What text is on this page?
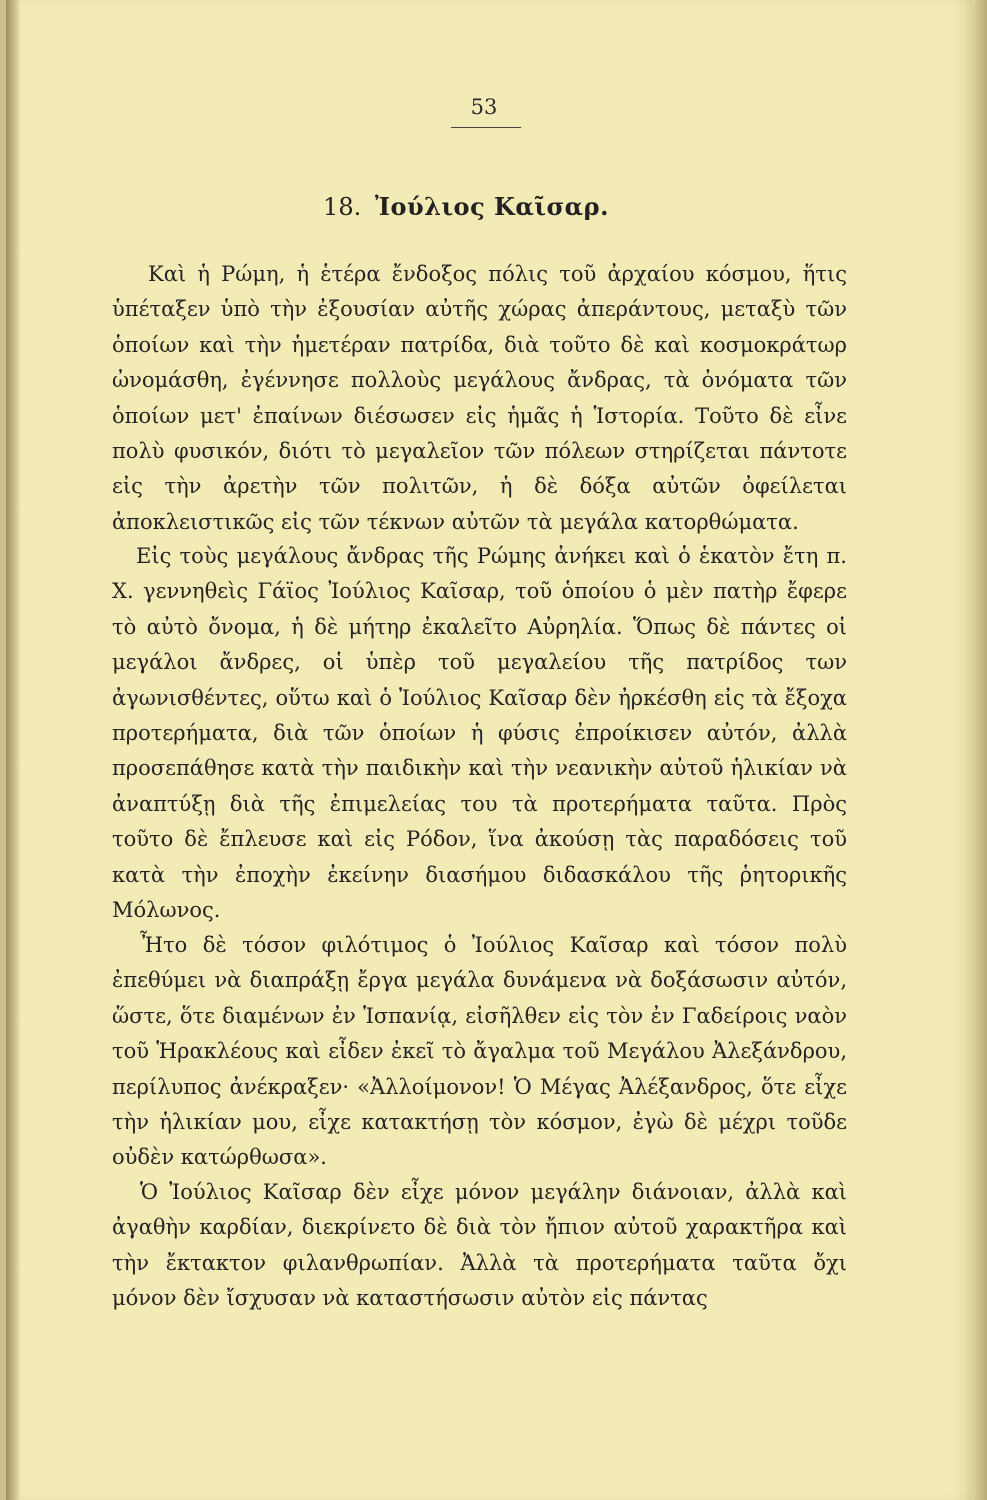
53
18. Ἰούλιος Καῖσαρ.

Καὶ ἡ Ρώμη, ἡ ἑτέρα ἔνδοξος πόλις τοῦ ἀρχαίου κόσμου, ἥτις ὑπέταξεν ὑπὸ τὴν ἐξουσίαν αὐτῆς χώρας ἀπεράντους, μεταξὺ τῶν ὁποίων καὶ τὴν ἡμετέραν πατρίδα, διὰ τοῦτο δὲ καὶ κοσμοκράτωρ ὠνομάσθη, ἐγέννησε πολλοὺς μεγάλους ἄνδρας, τὰ ὀνόματα τῶν ὁποίων μετ' ἐπαίνων διέσωσεν εἰς ἡμᾶς ἡ Ἱστορία. Τοῦτο δὲ εἶνε πολὺ φυσικόν, διότι τὸ μεγαλεῖον τῶν πόλεων στηρίζεται πάντοτε εἰς τὴν ἀρετὴν τῶν πολιτῶν, ἡ δὲ δόξα αὐτῶν ὀφείλεται ἀποκλειστικῶς εἰς τῶν τέκνων αὐτῶν τὰ μεγάλα κατορθώματα.

Εἰς τοὺς μεγάλους ἄνδρας τῆς Ρώμης ἀνήκει καὶ ὁ ἑκατὸν ἔτη π. Χ. γεννηθεὶς Γάϊος Ἰούλιος Καῖσαρ, τοῦ ὁποίου ὁ μὲν πατὴρ ἔφερε τὸ αὐτὸ ὄνομα, ἡ δὲ μήτηρ ἐκαλεῖτο Αὐρηλία. Ὅπως δὲ πάντες οἱ μεγάλοι ἄνδρες, οἱ ὑπὲρ τοῦ μεγαλείου τῆς πατρίδος των ἀγωνισθέντες, οὕτω καὶ ὁ Ἰούλιος Καῖσαρ δὲν ἠρκέσθη εἰς τὰ ἔξοχα προτερήματα, διὰ τῶν ὁποίων ἡ φύσις ἐπροίκισεν αὐτόν, ἀλλὰ προσεπάθησε κατὰ τὴν παιδικὴν καὶ τὴν νεανικὴν αὐτοῦ ἡλικίαν νὰ ἀναπτύξῃ διὰ τῆς ἐπιμελείας του τὰ προτερήματα ταῦτα. Πρὸς τοῦτο δὲ ἔπλευσε καὶ εἰς Ρόδον, ἵνα ἀκούσῃ τὰς παραδόσεις τοῦ κατὰ τὴν ἐποχὴν ἐκείνην διασήμου διδασκάλου τῆς ῥητορικῆς Μόλωνος.

Ἦτο δὲ τόσον φιλότιμος ὁ Ἰούλιος Καῖσαρ καὶ τόσον πολὺ ἐπεθύμει νὰ διαπράξῃ ἔργα μεγάλα δυνάμενα νὰ δοξάσωσιν αὐτόν, ὥστε, ὅτε διαμένων ἐν Ἱσπανίᾳ, εἰσῆλθεν εἰς τὸν ἐν Γαδείροις ναὸν τοῦ Ἡρακλέους καὶ εἶδεν ἐκεῖ τὸ ἄγαλμα τοῦ Μεγάλου Ἀλεξάνδρου, περίλυπος ἀνέκραξεν· «Ἀλλοίμονον! Ὁ Μέγας Ἀλέξανδρος, ὅτε εἶχε τὴν ἡλικίαν μου, εἶχε κατακτήσῃ τὸν κόσμον, ἐγὼ δὲ μέχρι τοῦδε οὐδὲν κατώρθωσα».

Ὁ Ἰούλιος Καῖσαρ δὲν εἶχε μόνον μεγάλην διάνοιαν, ἀλλὰ καὶ ἀγαθὴν καρδίαν, διεκρίνετο δὲ διὰ τὸν ἤπιον αὐτοῦ χαρακτῆρα καὶ τὴν ἔκτακτον φιλανθρωπίαν. Ἀλλὰ τὰ προτερήματα ταῦτα ὄχι μόνον δὲν ἴσχυσαν νὰ καταστήσωσιν αὐτὸν εἰς πάντας
